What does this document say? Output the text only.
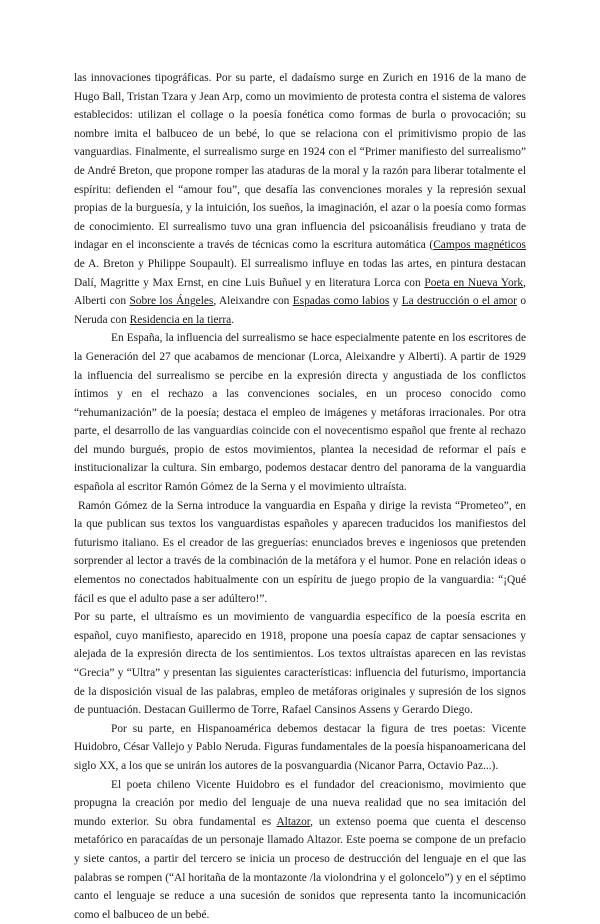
las innovaciones tipográficas. Por su parte, el dadaísmo surge en Zurich en 1916 de la mano de Hugo Ball, Tristan Tzara y Jean Arp, como un movimiento de protesta contra el sistema de valores establecidos: utilizan el collage o la poesía fonética como formas de burla o provocación; su nombre imita el balbuceo de un bebé, lo que se relaciona con el primitivismo propio de las vanguardias. Finalmente, el surrealismo surge en 1924 con el “Primer manifiesto del surrealismo” de André Breton, que propone romper las ataduras de la moral y la razón para liberar totalmente el espíritu: defienden el “amour fou”, que desafía las convenciones morales y la represión sexual propias de la burguesía, y la intuición, los sueños, la imaginación, el azar o la poesía como formas de conocimiento. El surrealismo tuvo una gran influencia del psicoanálisis freudiano y trata de indagar en el inconsciente a través de técnicas como la escritura automática (Campos magnéticos de A. Breton y Philippe Soupault). El surrealismo influye en todas las artes, en pintura destacan Dalí, Magritte y Max Ernst, en cine Luis Buñuel y en literatura Lorca con Poeta en Nueva York, Alberti con Sobre los Ángeles, Aleixandre con Espadas como labios y La destrucción o el amor o Neruda con Residencia en la tierra.

En España, la influencia del surrealismo se hace especialmente patente en los escritores de la Generación del 27 que acabamos de mencionar (Lorca, Aleixandre y Alberti). A partir de 1929 la influencia del surrealismo se percibe en la expresión directa y angustiada de los conflictos íntimos y en el rechazo a las convenciones sociales, en un proceso conocido como “rehumanización” de la poesía; destaca el empleo de imágenes y metáforas irracionales. Por otra parte, el desarrollo de las vanguardias coincide con el novecentismo español que frente al rechazo del mundo burgués, propio de estos movimientos, plantea la necesidad de reformar el país e institucionalizar la cultura. Sin embargo, podemos destacar dentro del panorama de la vanguardia española al escritor Ramón Gómez de la Serna y el movimiento ultraísta.

Ramón Gómez de la Serna introduce la vanguardia en España y dirige la revista “Prometeo”, en la que publican sus textos los vanguardistas españoles y aparecen traducidos los manifiestos del futurismo italiano. Es el creador de las greguerías: enunciados breves e ingeniosos que pretenden sorprender al lector a través de la combinación de la metáfora y el humor. Pone en relación ideas o elementos no conectados habitualmente con un espíritu de juego propio de la vanguardia: “¡Qué fácil es que el adulto pase a ser adúltero!”.

Por su parte, el ultraísmo es un movimiento de vanguardia específico de la poesía escrita en español, cuyo manifiesto, aparecido en 1918, propone una poesía capaz de captar sensaciones y alejada de la expresión directa de los sentimientos. Los textos ultraístas aparecen en las revistas “Grecia” y “Ultra” y presentan las siguientes características: influencia del futurismo, importancia de la disposición visual de las palabras, empleo de metáforas originales y supresión de los signos de puntuación. Destacan Guillermo de Torre, Rafael Cansinos Assens y Gerardo Diego.

Por su parte, en Hispanoamérica debemos destacar la figura de tres poetas: Vicente Huidobro, César Vallejo y Pablo Neruda. Figuras fundamentales de la poesía hispanoamericana del siglo XX, a los que se unirán los autores de la posvanguardia (Nicanor Parra, Octavio Paz...).

El poeta chileno Vicente Huidobro es el fundador del creacionismo, movimiento que propugna la creación por medio del lenguaje de una nueva realidad que no sea imitación del mundo exterior. Su obra fundamental es Altazor, un extenso poema que cuenta el descenso metafórico en paracaídas de un personaje llamado Altazor. Este poema se compone de un prefacio y siete cantos, a partir del tercero se inicia un proceso de destrucción del lenguaje en el que las palabras se rompen (“Al horitaña de la montazonte /la violondrina y el goloncelo”) y en el séptimo canto el lenguaje se reduce a una sucesión de sonidos que representa tanto la incomunicación como el balbuceo de un bebé.
